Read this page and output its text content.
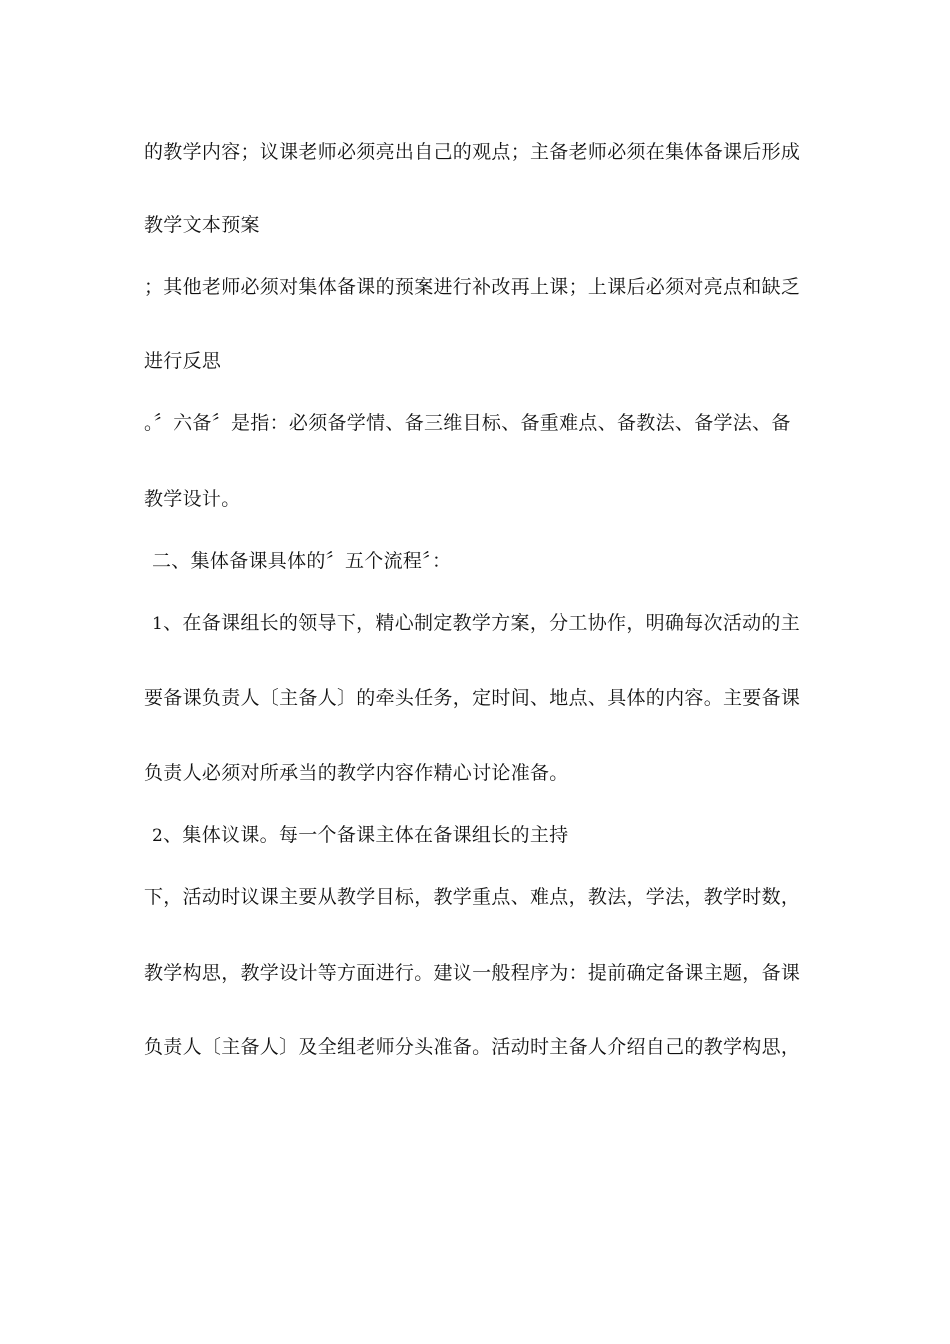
的教学内容；议课老师必须亮出自己的观点；主备老师必须在集体备课后形成
教学文本预案
；其他老师必须对集体备课的预案进行补改再上课；上课后必须对亮点和缺乏
进行反思
。〞六备〞是指：必须备学情、备三维目标、备重难点、备教法、备学法、备
教学设计。
二、集体备课具体的〞五个流程〞：
1、在备课组长的领导下，精心制定教学方案，分工协作，明确每次活动的主
要备课负责人〔主备人〕的牵头任务，定时间、地点、具体的内容。主要备课
负责人必须对所承当的教学内容作精心讨论准备。
2、集体议课。每一个备课主体在备课组长的主持
下，活动时议课主要从教学目标，教学重点、难点，教法，学法，教学时数，
教学构思，教学设计等方面进行。建议一般程序为：提前确定备课主题，备课
负责人〔主备人〕及全组老师分头准备。活动时主备人介绍自己的教学构思，
